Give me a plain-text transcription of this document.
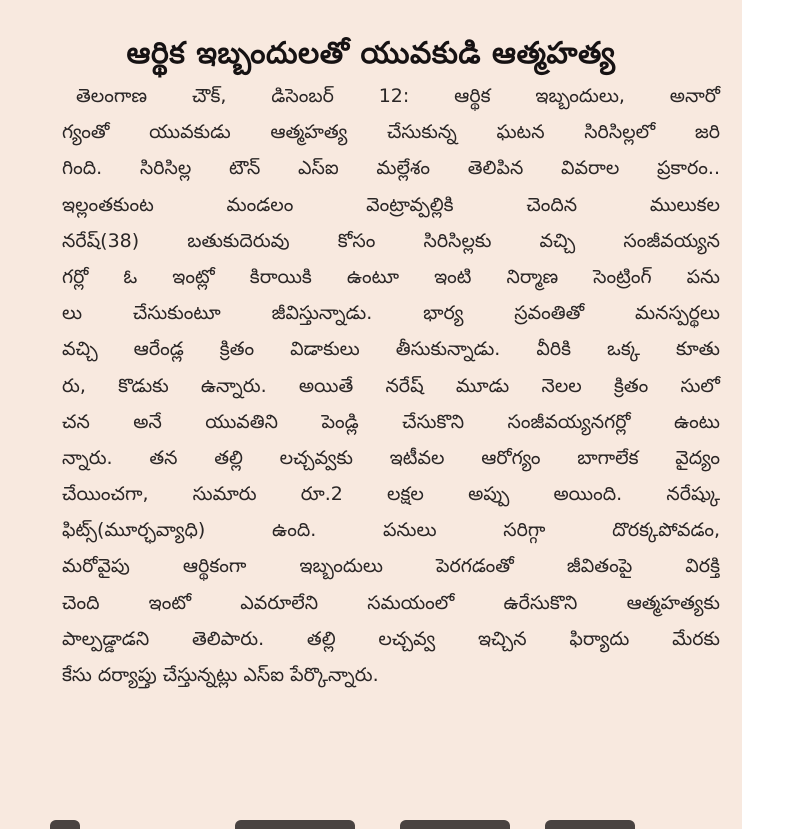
ఆర్థిక ఇబ్బందులతో యువకుడి ఆత్మహత్య

తెలంగాణ చౌక్, డిసెంబర్ 12: ఆర్థిక ఇబ్బందులు, అనారో
గ్యంతో యువకుడు ఆత్మహత్య చేసుకున్న ఘటన సిరిసిల్లలో జరి
గింది. సిరిసిల్ల టౌన్ ఎస్ఐ మల్లేశం తెలిపిన వివరాల ప్రకారం..
ఇల్లంతకుంట మండలం వెంట్రావ్పల్లికి చెందిన ములుకల
నరేష్(38) బతుకుదెరువు కోసం సిరిసిల్లకు వచ్చి సంజీవయ్యన
గర్లో ఓ ఇంట్లో కిరాయికి ఉంటూ ఇంటి నిర్మాణ సెంట్రింగ్ పను
లు చేసుకుంటూ జీవిస్తున్నాడు. భార్య స్రవంతితో మనస్పర్థలు
వచ్చి ఆరేండ్ల క్రితం విడాకులు తీసుకున్నాడు. వీరికి ఒక్క కూతు
రు, కొడుకు ఉన్నారు. అయితే నరేష్ మూడు నెలల క్రితం సులో
చన అనే యువతిని పెండ్లి చేసుకొని సంజీవయ్యనగర్లో ఉంటు
న్నారు. తన తల్లి లచ్చవ్వకు ఇటీవల ఆరోగ్యం బాగాలేక వైద్యం
చేయించగా, సుమారు రూ.2 లక్షల అప్పు అయింది. నరేష్కు
ఫిట్స్(మూర్ఛవ్యాధి) ఉంది. పనులు సరిగ్గా దొరక్కపోవడం,
మరోవైపు ఆర్థికంగా ఇబ్బందులు పెరగడంతో జీవితంపై విరక్తి
చెంది ఇంటో ఎవరూలేని సమయంలో ఉరేసుకొని ఆత్మహత్యకు
పాల్పడ్డాడని తెలిపారు. తల్లి లచ్చవ్వ ఇచ్చిన ఫిర్యాదు మేరకు
కేసు దర్యాప్తు చేస్తున్నట్లు ఎస్ఐ పేర్కొన్నారు.
